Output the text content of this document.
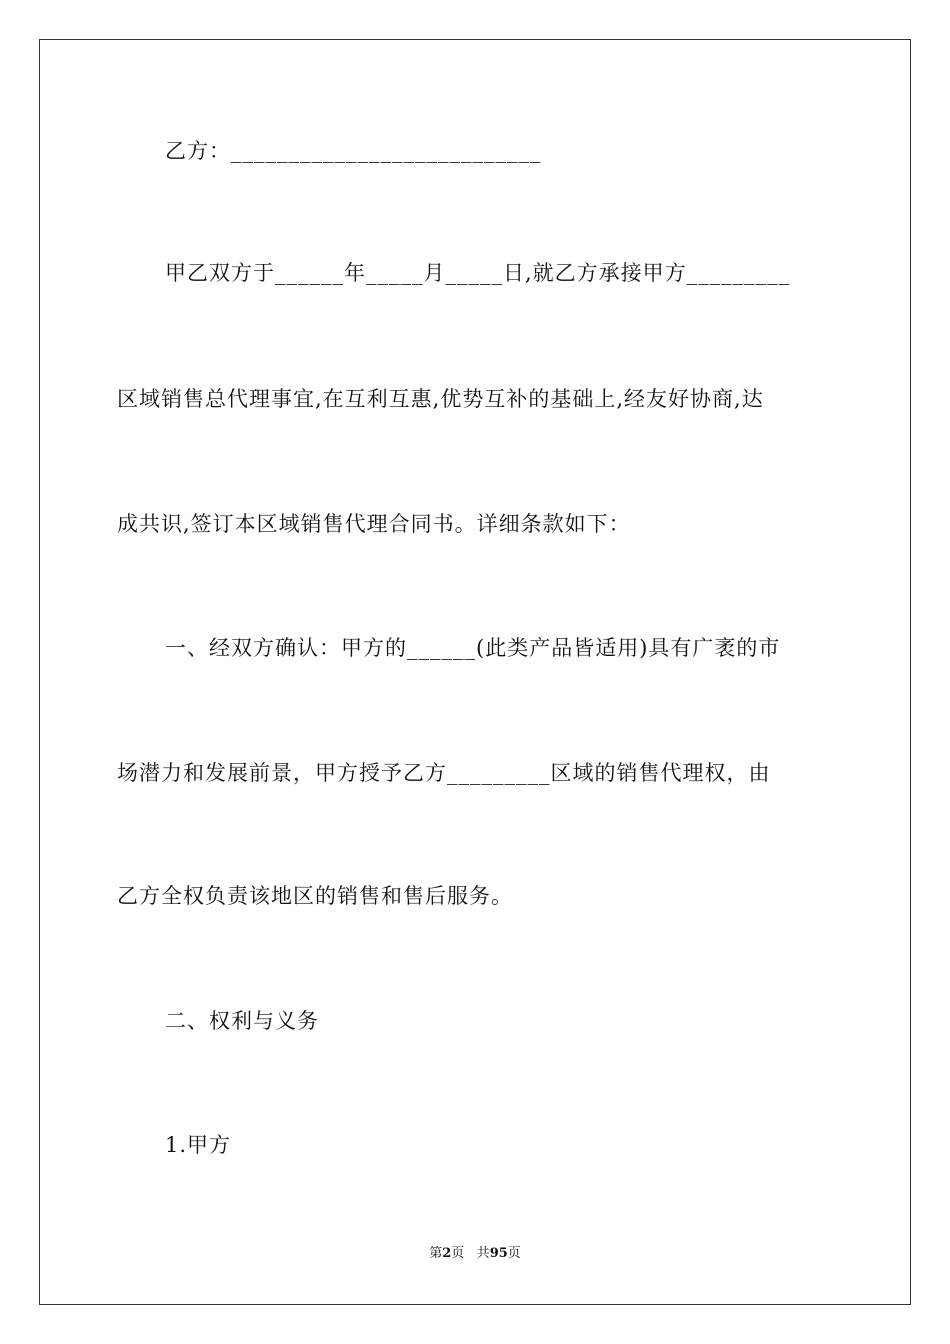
乙方：___________________________
甲乙双方于______年_____月_____日,就乙方承接甲方_________
区域销售总代理事宜,在互利互惠,优势互补的基础上,经友好协商,达
成共识,签订本区域销售代理合同书。详细条款如下：
一、经双方确认：甲方的______(此类产品皆适用)具有广袤的市
场潜力和发展前景，甲方授予乙方_________区域的销售代理权，由
乙方全权负责该地区的销售和售后服务。
二、权利与义务
1.甲方
第2页 共95页
